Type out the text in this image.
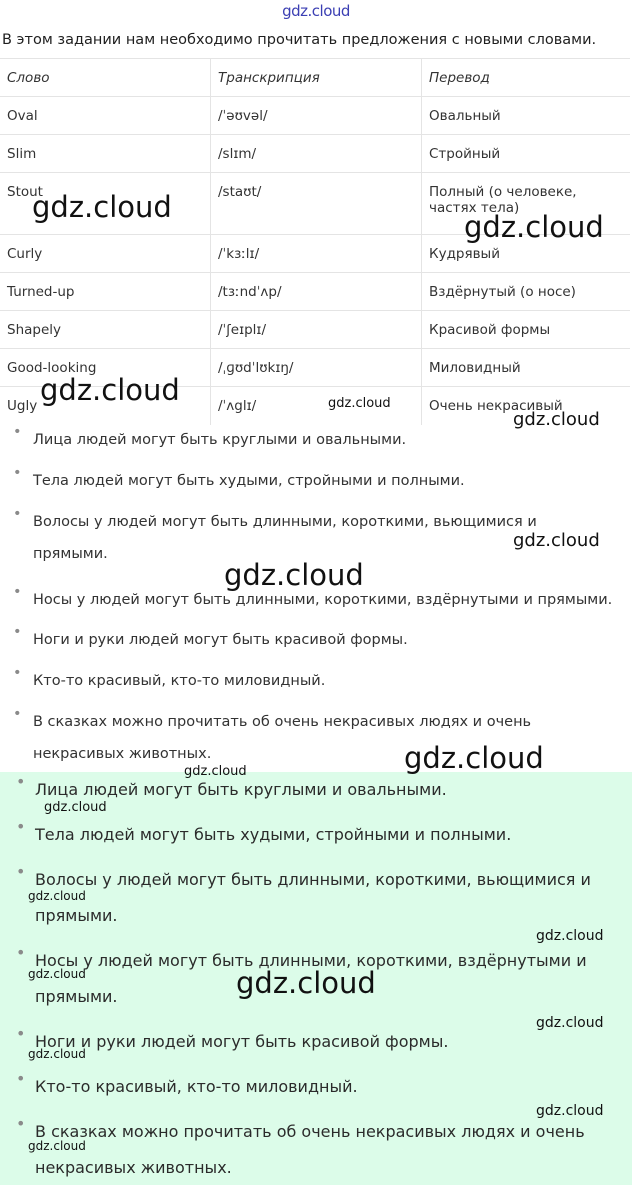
gdz.cloud
В этом задании нам необходимо прочитать предложения с новыми словами.
Слово	Транскрипция	Перевод
Oval	/ˈəʊvəl/	Овальный
Slim	/slɪm/	Стройный
Stout	/staʊt/	Полный (о человеке, частях тела)
Curly	/ˈkɜːlɪ/	Кудрявый
Turned-up	/tɜːndˈʌp/	Вздёрнутый (о носе)
Shapely	/ˈʃeɪplɪ/	Красивой формы
Good-looking	/ˌɡʊdˈlʊkɪŋ/	Миловидный
Ugly	/ˈʌglɪ/	Очень некрасивый
• Лица людей могут быть круглыми и овальными.
• Тела людей могут быть худыми, стройными и полными.
• Волосы у людей могут быть длинными, короткими, вьющимися и прямыми.
• Носы у людей могут быть длинными, короткими, вздёрнутыми и прямыми.
• Ноги и руки людей могут быть красивой формы.
• Кто-то красивый, кто-то миловидный.
• В сказках можно прочитать об очень некрасивых людях и очень некрасивых животных.
• Лица людей могут быть круглыми и овальными.
• Тела людей могут быть худыми, стройными и полными.
• Волосы у людей могут быть длинными, короткими, вьющимися и прямыми.
• Носы у людей могут быть длинными, короткими, вздёрнутыми и прямыми.
• Ноги и руки людей могут быть красивой формы.
• Кто-то красивый, кто-то миловидный.
• В сказках можно прочитать об очень некрасивых людях и очень некрасивых животных.
gdz.cloud
gdz.cloud
gdz.cloud	gdz.cloud
gdz.cloud
gdz.cloud
gdz.cloud
gdz.cloud
gdz.cloud
gdz.cloud
gdz.cloud
gdz.cloud
gdz.cloud	gdz.cloud
gdz.cloud
gdz.cloud
gdz.cloud
gdz.cloud
